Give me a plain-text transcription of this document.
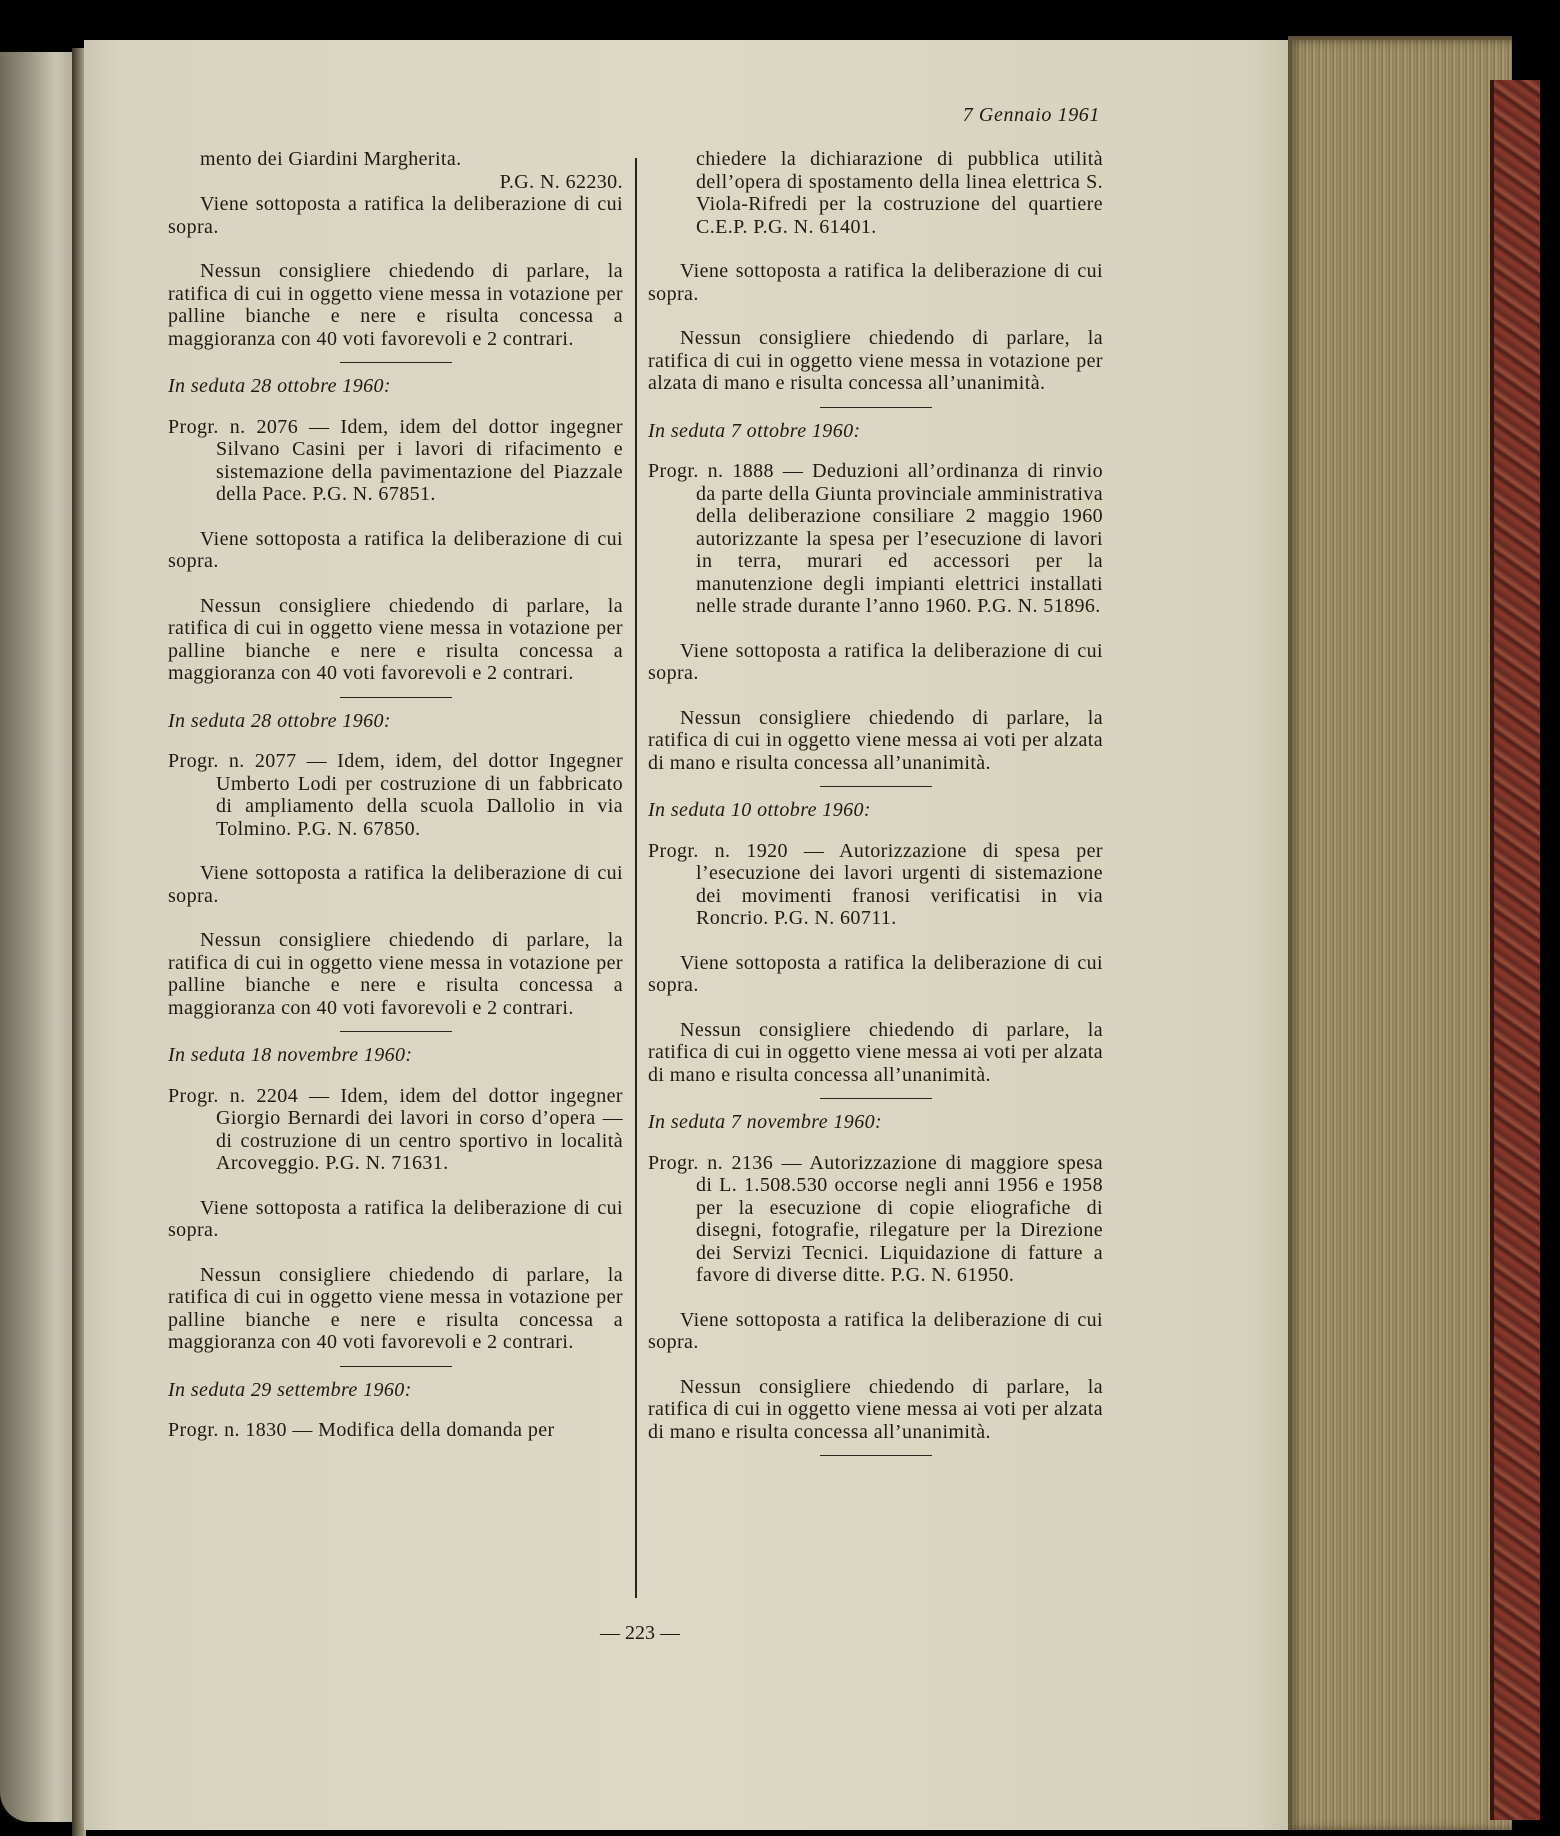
7 Gennaio 1961

mento dei Giardini Margherita.

P.G. N. 62230.

Viene sottoposta a ratifica la deliberazione di cui sopra.

Nessun consigliere chiedendo di parlare, la ratifica di cui in oggetto viene messa in votazione per palline bianche e nere e risulta concessa a maggioranza con 40 voti favorevoli e 2 contrari.

In seduta 28 ottobre 1960:

Progr. n. 2076 — Idem, idem del dottor ingegner Silvano Casini per i lavori di rifacimento e sistemazione della pavimentazione del Piazzale della Pace. P.G. N. 67851.

Viene sottoposta a ratifica la deliberazione di cui sopra.

Nessun consigliere chiedendo di parlare, la ratifica di cui in oggetto viene messa in votazione per palline bianche e nere e risulta concessa a maggioranza con 40 voti favorevoli e 2 contrari.

In seduta 28 ottobre 1960:

Progr. n. 2077 — Idem, idem, del dottor Ingegner Umberto Lodi per costruzione di un fabbricato di ampliamento della scuola Dallolio in via Tolmino. P.G. N. 67850.

Viene sottoposta a ratifica la deliberazione di cui sopra.

Nessun consigliere chiedendo di parlare, la ratifica di cui in oggetto viene messa in votazione per palline bianche e nere e risulta concessa a maggioranza con 40 voti favorevoli e 2 contrari.

In seduta 18 novembre 1960:

Progr. n. 2204 — Idem, idem del dottor ingegner Giorgio Bernardi dei lavori in corso d’opera — di costruzione di un centro sportivo in località Arcoveggio. P.G. N. 71631.

Viene sottoposta a ratifica la deliberazione di cui sopra.

Nessun consigliere chiedendo di parlare, la ratifica di cui in oggetto viene messa in votazione per palline bianche e nere e risulta concessa a maggioranza con 40 voti favorevoli e 2 contrari.

In seduta 29 settembre 1960:

Progr. n. 1830 — Modifica della domanda per

chiedere la dichiarazione di pubblica utilità dell’opera di spostamento della linea elettrica S. Viola-Rifredi per la costruzione del quartiere C.E.P. P.G. N. 61401.

Viene sottoposta a ratifica la deliberazione di cui sopra.

Nessun consigliere chiedendo di parlare, la ratifica di cui in oggetto viene messa in votazione per alzata di mano e risulta concessa all’unanimità.

In seduta 7 ottobre 1960:

Progr. n. 1888 — Deduzioni all’ordinanza di rinvio da parte della Giunta provinciale amministrativa della deliberazione consiliare 2 maggio 1960 autorizzante la spesa per l’esecuzione di lavori in terra, murari ed accessori per la manutenzione degli impianti elettrici installati nelle strade durante l’anno 1960. P.G. N. 51896.

Viene sottoposta a ratifica la deliberazione di cui sopra.

Nessun consigliere chiedendo di parlare, la ratifica di cui in oggetto viene messa ai voti per alzata di mano e risulta concessa all’unanimità.

In seduta 10 ottobre 1960:

Progr. n. 1920 — Autorizzazione di spesa per l’esecuzione dei lavori urgenti di sistemazione dei movimenti franosi verificatisi in via Roncrio. P.G. N. 60711.

Viene sottoposta a ratifica la deliberazione di cui sopra.

Nessun consigliere chiedendo di parlare, la ratifica di cui in oggetto viene messa ai voti per alzata di mano e risulta concessa all’unanimità.

In seduta 7 novembre 1960:

Progr. n. 2136 — Autorizzazione di maggiore spesa di L. 1.508.530 occorse negli anni 1956 e 1958 per la esecuzione di copie eliografiche di disegni, fotografie, rilegature per la Direzione dei Servizi Tecnici. Liquidazione di fatture a favore di diverse ditte. P.G. N. 61950.

Viene sottoposta a ratifica la deliberazione di cui sopra.

Nessun consigliere chiedendo di parlare, la ratifica di cui in oggetto viene messa ai voti per alzata di mano e risulta concessa all’unanimità.

— 223 —
